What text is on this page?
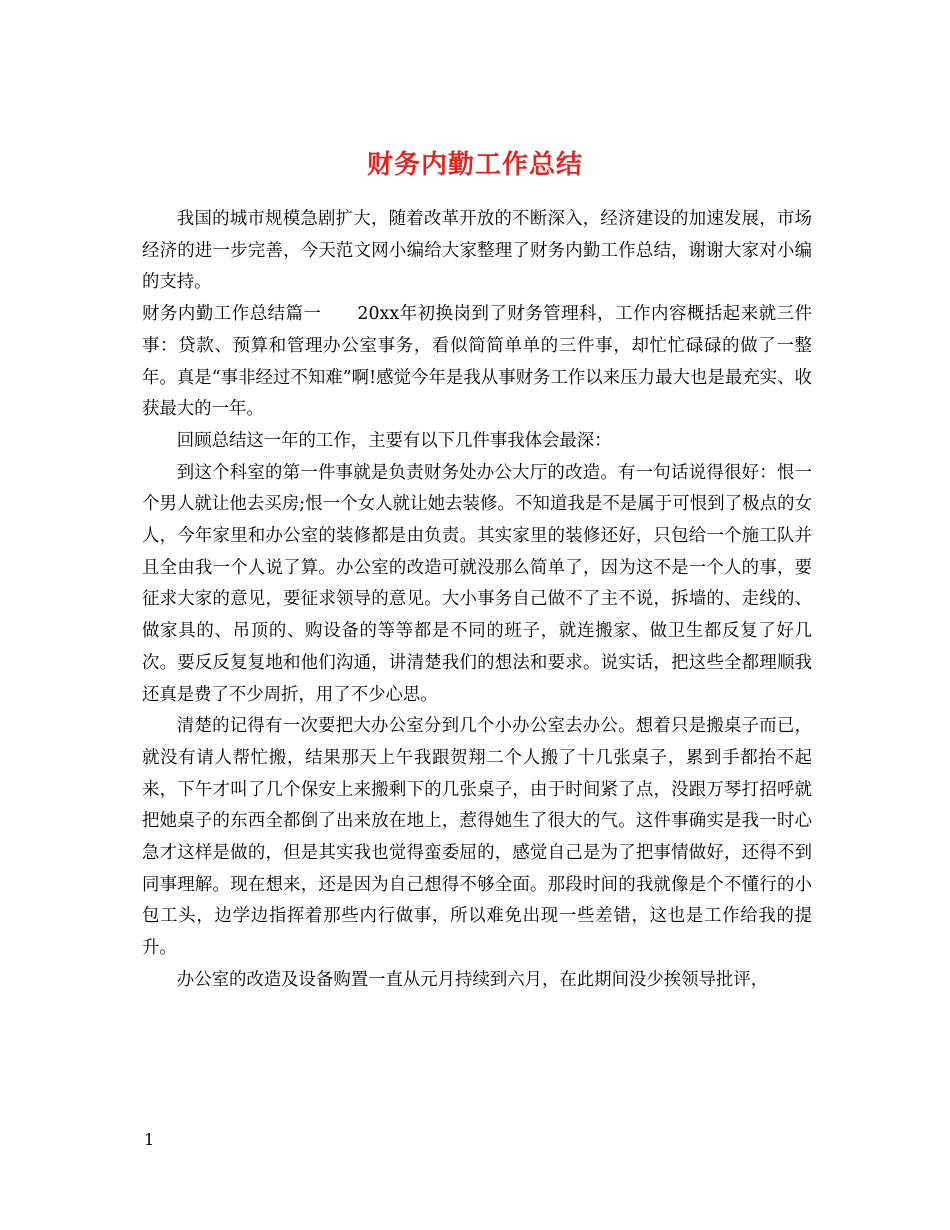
财务内勤工作总结

我国的城市规模急剧扩大，随着改革开放的不断深入，经济建设的加速发展，市场经济的进一步完善，今天范文网小编给大家整理了财务内勤工作总结，谢谢大家对小编的支持。

财务内勤工作总结篇一　　20xx年初换岗到了财务管理科，工作内容概括起来就三件事：贷款、预算和管理办公室事务，看似简简单单的三件事，却忙忙碌碌的做了一整年。真是“事非经过不知难”啊!感觉今年是我从事财务工作以来压力最大也是最充实、收获最大的一年。

回顾总结这一年的工作，主要有以下几件事我体会最深：

到这个科室的第一件事就是负责财务处办公大厅的改造。有一句话说得很好：恨一个男人就让他去买房;恨一个女人就让她去装修。不知道我是不是属于可恨到了极点的女人，今年家里和办公室的装修都是由负责。其实家里的装修还好，只包给一个施工队并且全由我一个人说了算。办公室的改造可就没那么简单了，因为这不是一个人的事，要征求大家的意见，要征求领导的意见。大小事务自己做不了主不说，拆墙的、走线的、做家具的、吊顶的、购设备的等等都是不同的班子，就连搬家、做卫生都反复了好几次。要反反复复地和他们沟通，讲清楚我们的想法和要求。说实话，把这些全都理顺我还真是费了不少周折，用了不少心思。

清楚的记得有一次要把大办公室分到几个小办公室去办公。想着只是搬桌子而已，就没有请人帮忙搬，结果那天上午我跟贺翔二个人搬了十几张桌子，累到手都抬不起来，下午才叫了几个保安上来搬剩下的几张桌子，由于时间紧了点，没跟万琴打招呼就把她桌子的东西全都倒了出来放在地上，惹得她生了很大的气。这件事确实是我一时心急才这样是做的，但是其实我也觉得蛮委屈的，感觉自己是为了把事情做好，还得不到同事理解。现在想来，还是因为自己想得不够全面。那段时间的我就像是个不懂行的小包工头，边学边指挥着那些内行做事，所以难免出现一些差错，这也是工作给我的提升。

办公室的改造及设备购置一直从元月持续到六月，在此期间没少挨领导批评，

1
